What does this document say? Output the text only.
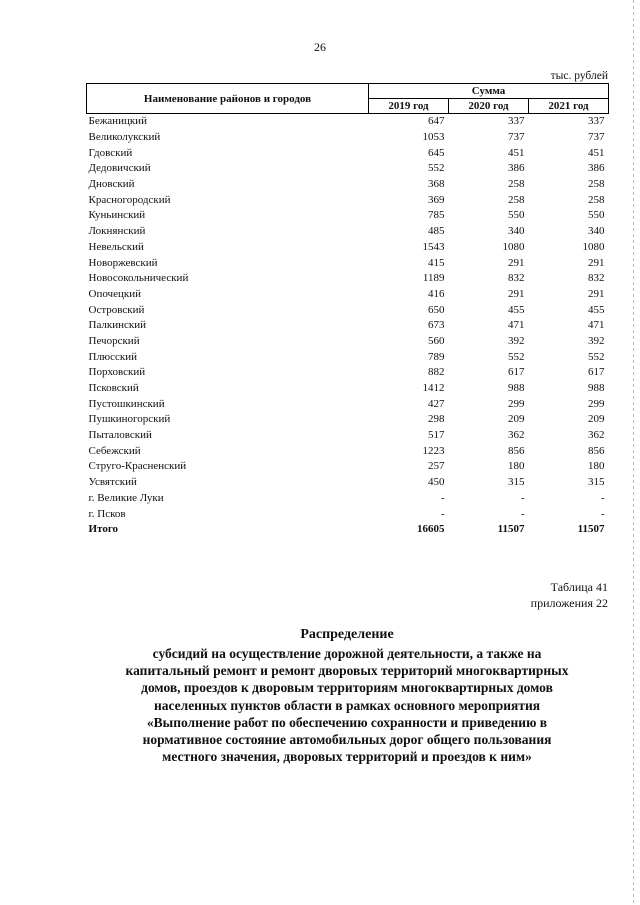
26
тыс. рублей
Наименование районов и городов	Сумма		
	2019 год	2020 год	2021 год
Бежаницкий	647	337	337
Великолукский	1053	737	737
Гдовский	645	451	451
Дедовичский	552	386	386
Дновский	368	258	258
Красногородский	369	258	258
Куньинский	785	550	550
Локнянский	485	340	340
Невельский	1543	1080	1080
Новоржевский	415	291	291
Новосокольнический	1189	832	832
Опочецкий	416	291	291
Островский	650	455	455
Палкинский	673	471	471
Печорский	560	392	392
Плюсский	789	552	552
Порховский	882	617	617
Псковский	1412	988	988
Пустошкинский	427	299	299
Пушкиногорский	298	209	209
Пыталовский	517	362	362
Себежский	1223	856	856
Струго-Красненский	257	180	180
Усвятский	450	315	315
г. Великие Луки	-	-	-
г. Псков	-	-	-
Итого	16605	11507	11507
Таблица 41
приложения 22
Распределение
субсидий на осуществление дорожной деятельности, а также на
капитальный ремонт и ремонт дворовых территорий многоквартирных
домов, проездов к дворовым территориям многоквартирных домов
населенных пунктов области в рамках основного мероприятия
«Выполнение работ по обеспечению сохранности и приведению в
нормативное состояние автомобильных дорог общего пользования
местного значения, дворовых территорий и проездов к ним»
